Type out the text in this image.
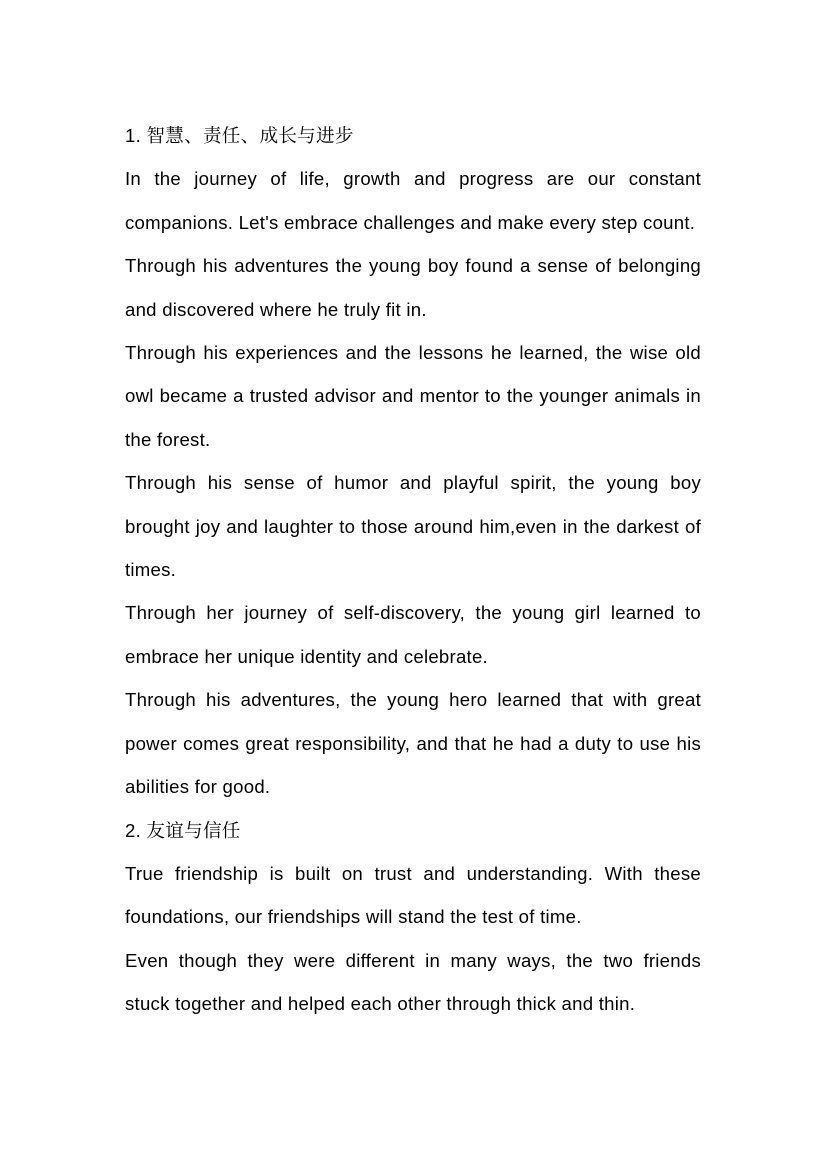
1. 智慧、责任、成长与进步

In the journey of life, growth and progress are our constant companions. Let's embrace challenges and make every step count.

Through his adventures the young boy found a sense of belonging and discovered where he truly fit in.

Through his experiences and the lessons he learned, the wise old owl became a trusted advisor and mentor to the younger animals in the forest.

Through his sense of humor and playful spirit, the young boy brought joy and laughter to those around him,even in the darkest of times.

Through her journey of self-discovery, the young girl learned to embrace her unique identity and celebrate.

Through his adventures, the young hero learned that with great power comes great responsibility, and that he had a duty to use his abilities for good.

2. 友谊与信任

True friendship is built on trust and understanding. With these foundations, our friendships will stand the test of time.

Even though they were different in many ways, the two friends stuck together and helped each other through thick and thin.
